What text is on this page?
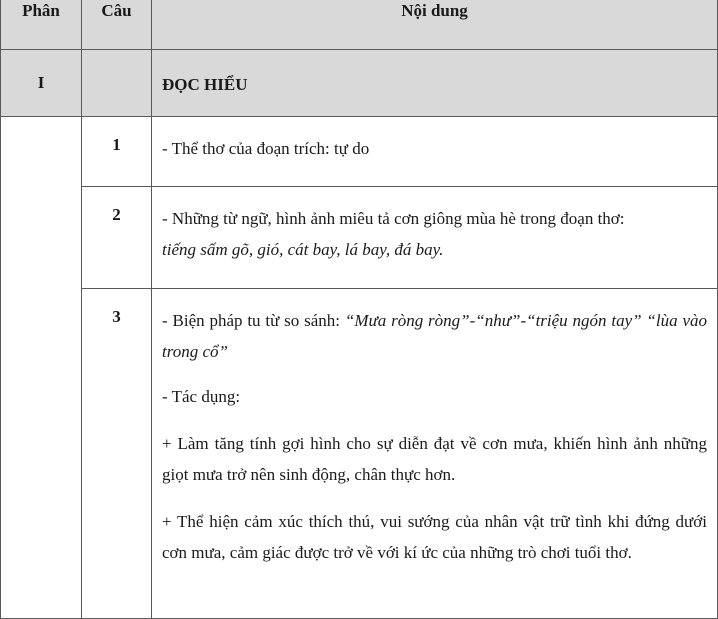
Phân	Câu	Nội dung

I		ĐỌC HIỂU

	1	- Thể thơ của đoạn trích: tự do

	2	- Những từ ngữ, hình ảnh miêu tả cơn giông mùa hè trong đoạn thơ:

tiếng sấm gõ, gió, cát bay, lá bay, đá bay.

	3	- Biện pháp tu từ so sánh: “Mưa ròng ròng”-“như”-“triệu ngón tay” “lùa vào trong cổ”

- Tác dụng:

+ Làm tăng tính gợi hình cho sự diễn đạt về cơn mưa, khiến hình ảnh những giọt mưa trở nên sinh động, chân thực hơn.

+ Thể hiện cảm xúc thích thú, vui sướng của nhân vật trữ tình khi đứng dưới cơn mưa, cảm giác được trở về với kí ức của những trò chơi tuổi thơ.
